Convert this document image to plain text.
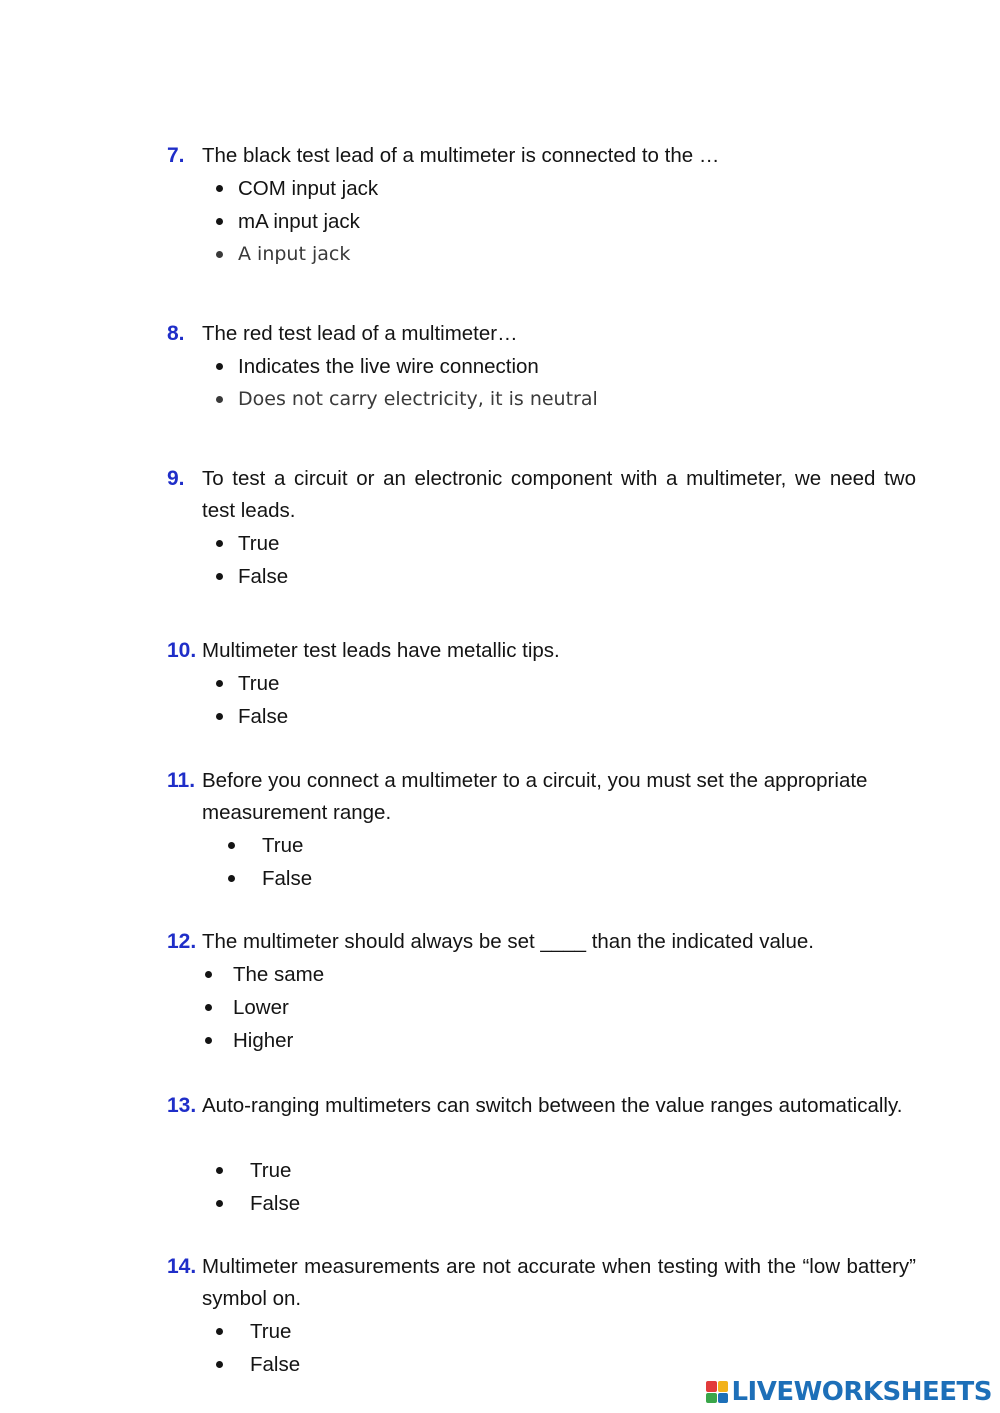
7. The black test lead of a multimeter is connected to the …
COM input jack
mA input jack
A input jack
8. The red test lead of a multimeter…
Indicates the live wire connection
Does not carry electricity, it is neutral
9. To test a circuit or an electronic component with a multimeter, we need two test leads.
True
False
10. Multimeter test leads have metallic tips.
True
False
11. Before you connect a multimeter to a circuit, you must set the appropriate measurement range.
True
False
12. The multimeter should always be set ____ than the indicated value.
The same
Lower
Higher
13. Auto-ranging multimeters can switch between the value ranges automatically.
True
False
14. Multimeter measurements are not accurate when testing with the “low battery” symbol on.
True
False
LIVEWORKSHEETS
